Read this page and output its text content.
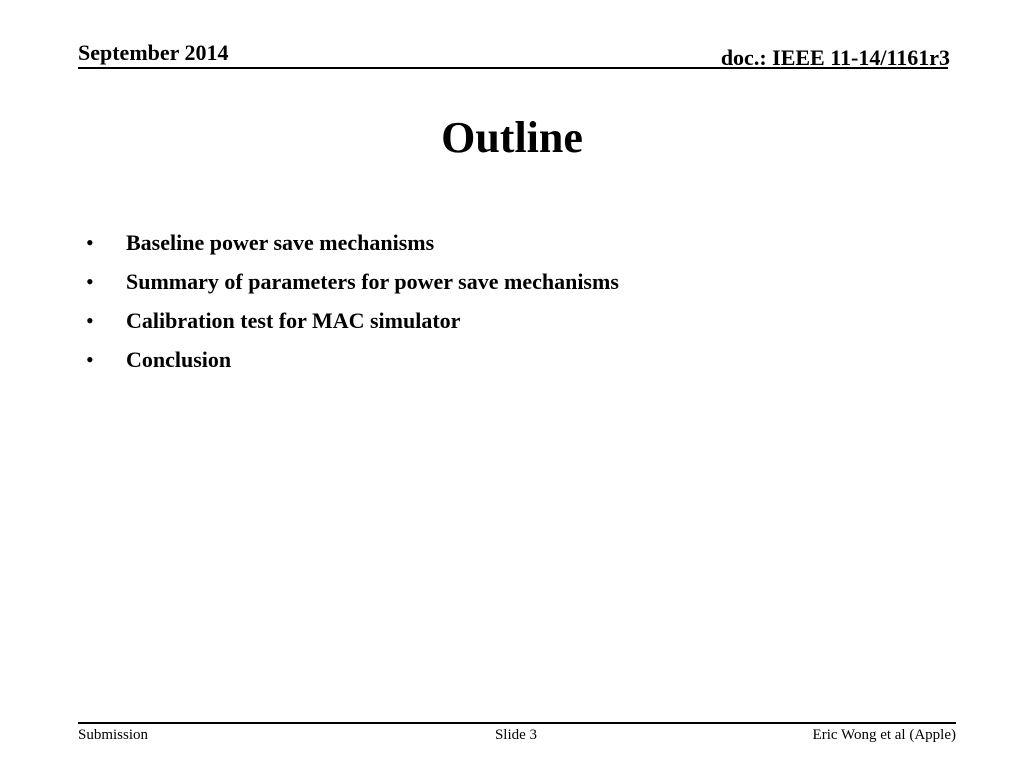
September 2014	doc.: IEEE 11-14/1161r3
Outline
•	Baseline power save mechanisms
•	Summary of parameters for power save mechanisms
•	Calibration test for MAC simulator
•	Conclusion
Submission	Slide 3	Eric Wong et al (Apple)
